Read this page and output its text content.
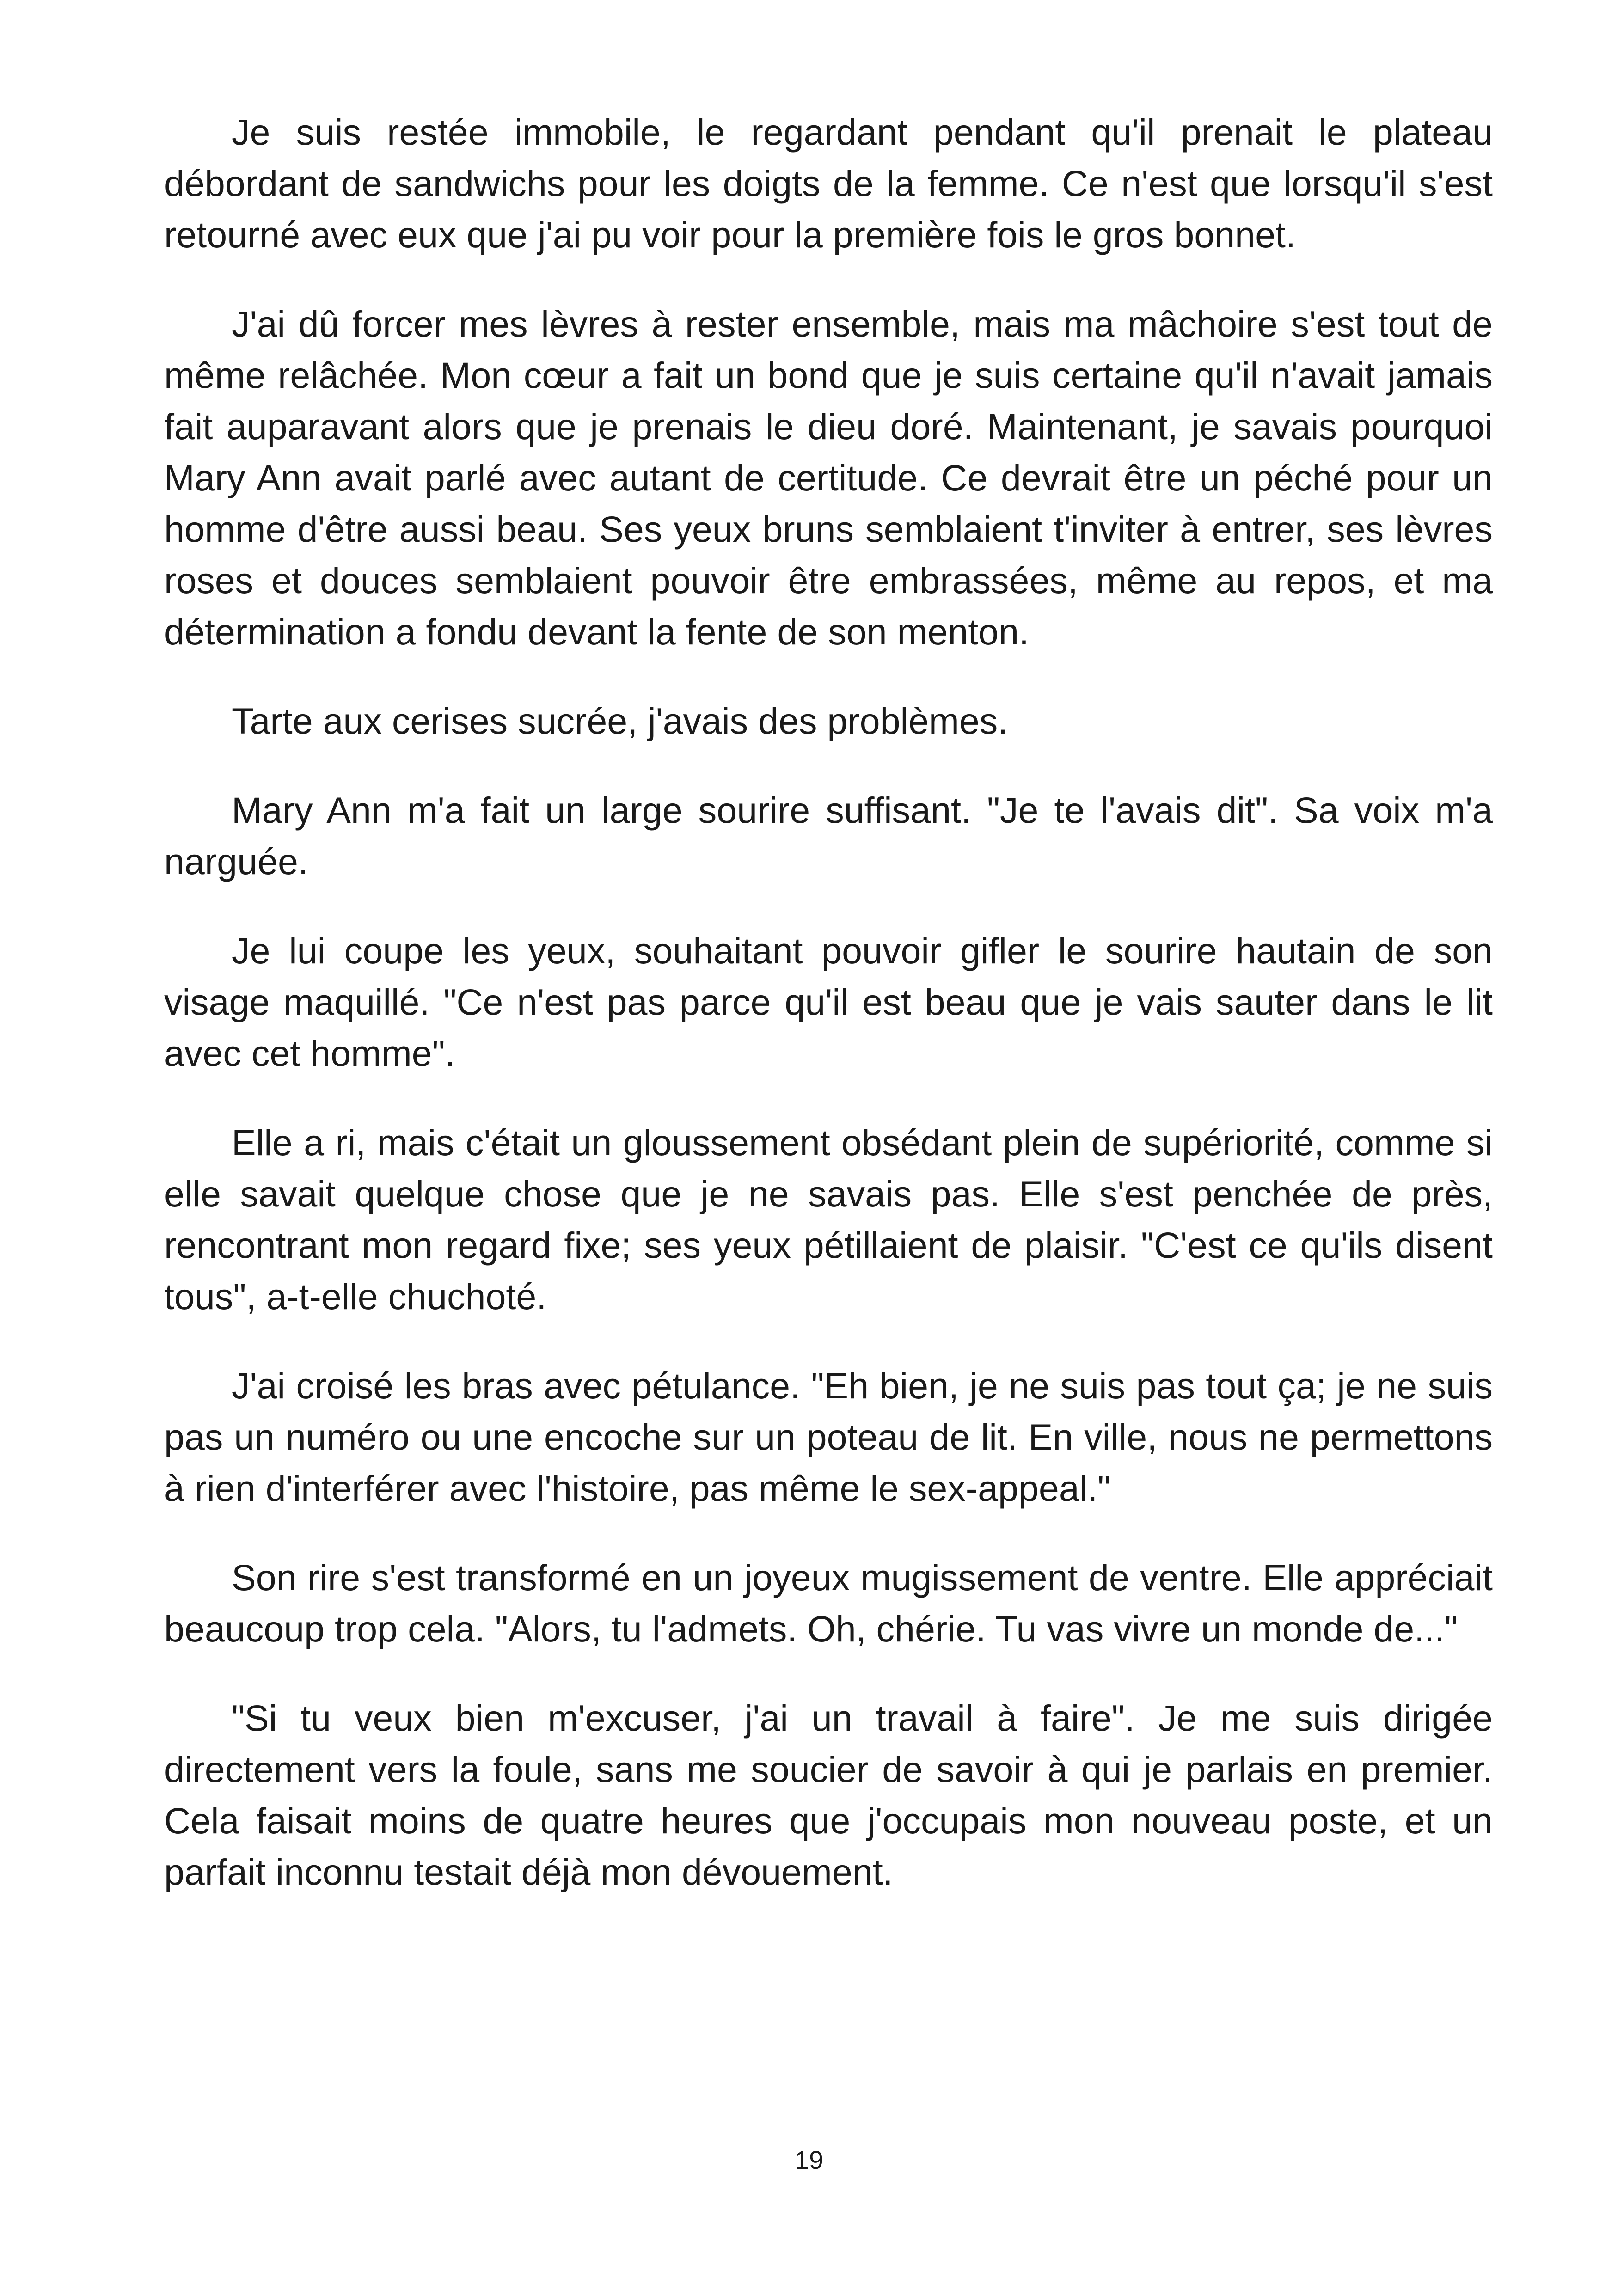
Je suis restée immobile, le regardant pendant qu'il prenait le plateau débordant de sandwichs pour les doigts de la femme. Ce n'est que lorsqu'il s'est retourné avec eux que j'ai pu voir pour la première fois le gros bonnet.

J'ai dû forcer mes lèvres à rester ensemble, mais ma mâchoire s'est tout de même relâchée. Mon cœur a fait un bond que je suis certaine qu'il n'avait jamais fait auparavant alors que je prenais le dieu doré. Maintenant, je savais pourquoi Mary Ann avait parlé avec autant de certitude. Ce devrait être un péché pour un homme d'être aussi beau. Ses yeux bruns semblaient t'inviter à entrer, ses lèvres roses et douces semblaient pouvoir être embrassées, même au repos, et ma détermination a fondu devant la fente de son menton.

Tarte aux cerises sucrée, j'avais des problèmes.

Mary Ann m'a fait un large sourire suffisant. "Je te l'avais dit". Sa voix m'a narguée.

Je lui coupe les yeux, souhaitant pouvoir gifler le sourire hautain de son visage maquillé. "Ce n'est pas parce qu'il est beau que je vais sauter dans le lit avec cet homme".

Elle a ri, mais c'était un gloussement obsédant plein de supériorité, comme si elle savait quelque chose que je ne savais pas. Elle s'est penchée de près, rencontrant mon regard fixe; ses yeux pétillaient de plaisir. "C'est ce qu'ils disent tous", a-t-elle chuchoté.

J'ai croisé les bras avec pétulance. "Eh bien, je ne suis pas tout ça; je ne suis pas un numéro ou une encoche sur un poteau de lit. En ville, nous ne permettons à rien d'interférer avec l'histoire, pas même le sex-appeal."

Son rire s'est transformé en un joyeux mugissement de ventre. Elle appréciait beaucoup trop cela. "Alors, tu l'admets. Oh, chérie. Tu vas vivre un monde de..."

"Si tu veux bien m'excuser, j'ai un travail à faire". Je me suis dirigée directement vers la foule, sans me soucier de savoir à qui je parlais en premier. Cela faisait moins de quatre heures que j'occupais mon nouveau poste, et un parfait inconnu testait déjà mon dévouement.

19
